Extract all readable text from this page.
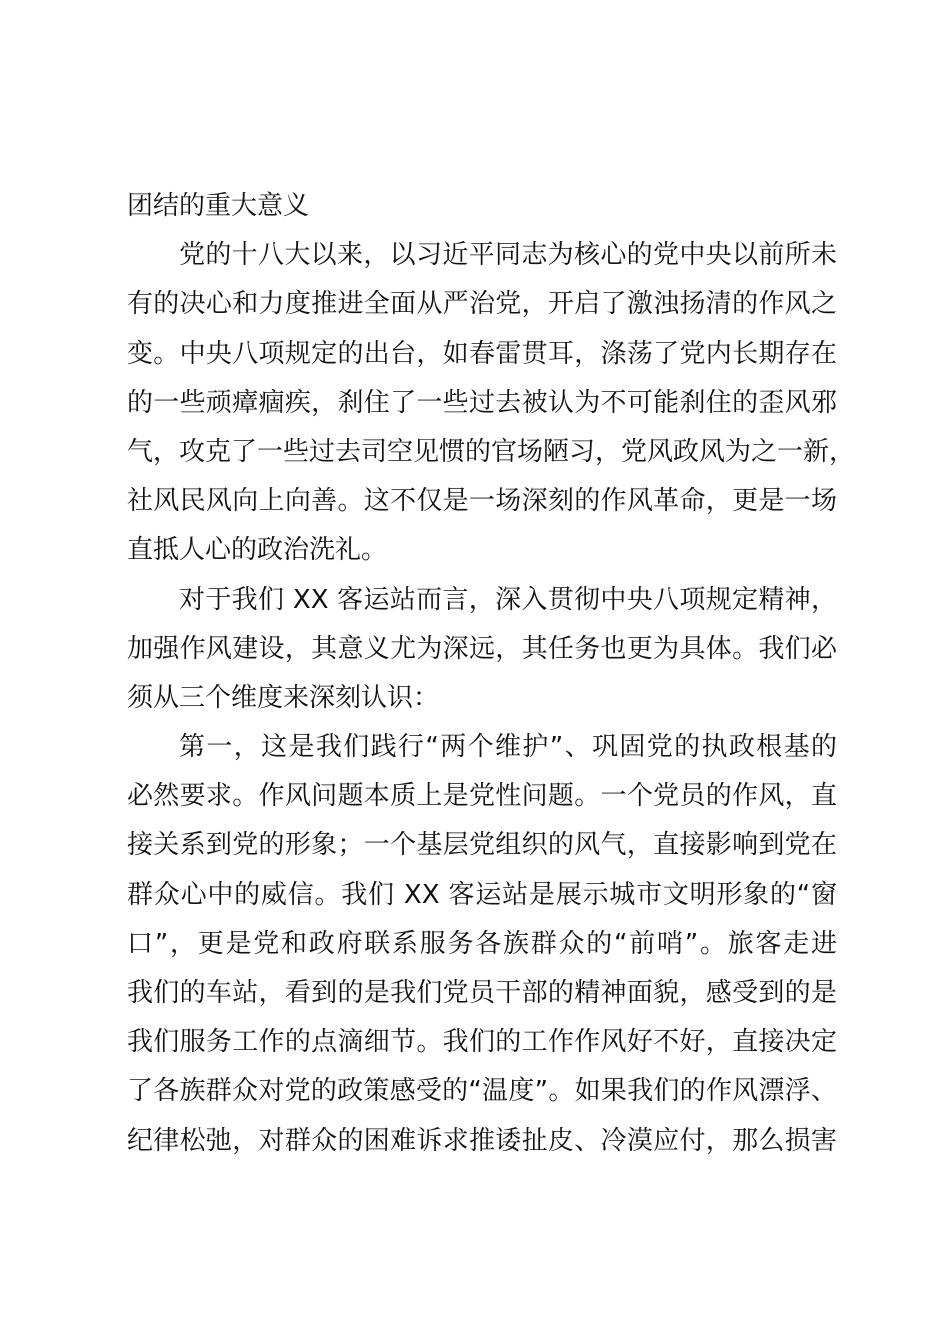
团结的重大意义
党的十八大以来，以习近平同志为核心的党中央以前所未
有的决心和力度推进全面从严治党，开启了激浊扬清的作风之
变。中央八项规定的出台，如春雷贯耳，涤荡了党内长期存在
的一些顽瘴痼疾，刹住了一些过去被认为不可能刹住的歪风邪
气，攻克了一些过去司空见惯的官场陋习，党风政风为之一新，
社风民风向上向善。这不仅是一场深刻的作风革命，更是一场
直抵人心的政治洗礼。
对于我们 XX 客运站而言，深入贯彻中央八项规定精神，
加强作风建设，其意义尤为深远，其任务也更为具体。我们必
须从三个维度来深刻认识：
第一，这是我们践行“两个维护”、巩固党的执政根基的
必然要求。作风问题本质上是党性问题。一个党员的作风，直
接关系到党的形象；一个基层党组织的风气，直接影响到党在
群众心中的威信。我们 XX 客运站是展示城市文明形象的“窗
口”，更是党和政府联系服务各族群众的“前哨”。旅客走进
我们的车站，看到的是我们党员干部的精神面貌，感受到的是
我们服务工作的点滴细节。我们的工作作风好不好，直接决定
了各族群众对党的政策感受的“温度”。如果我们的作风漂浮、
纪律松弛，对群众的困难诉求推诿扯皮、冷漠应付，那么损害
